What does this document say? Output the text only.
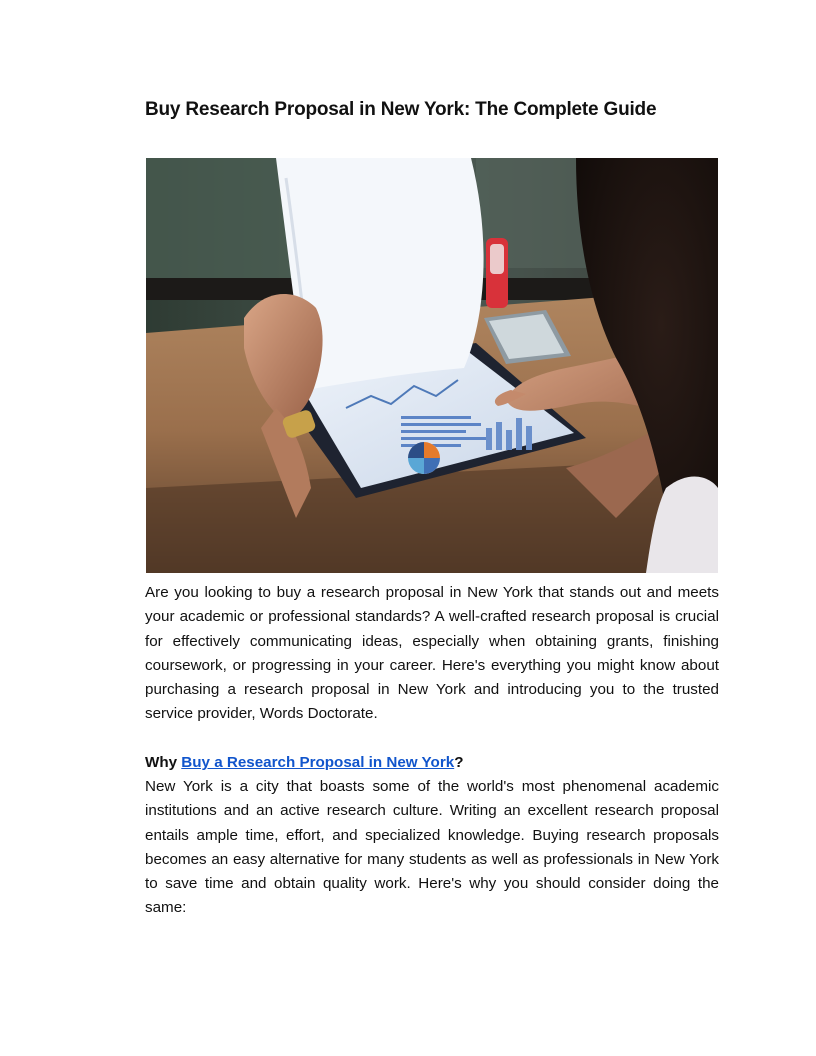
Buy Research Proposal in New York: The Complete Guide

Are you looking to buy a research proposal in New York that stands out and meets your academic or professional standards? A well-crafted research proposal is crucial for effectively communicating ideas, especially when obtaining grants, finishing coursework, or progressing in your career. Here's everything you might know about purchasing a research proposal in New York and introducing you to the trusted service provider, Words Doctorate.

Why Buy a Research Proposal in New York?

New York is a city that boasts some of the world's most phenomenal academic institutions and an active research culture. Writing an excellent research proposal entails ample time, effort, and specialized knowledge. Buying research proposals becomes an easy alternative for many students as well as professionals in New York to save time and obtain quality work. Here's why you should consider doing the same:
